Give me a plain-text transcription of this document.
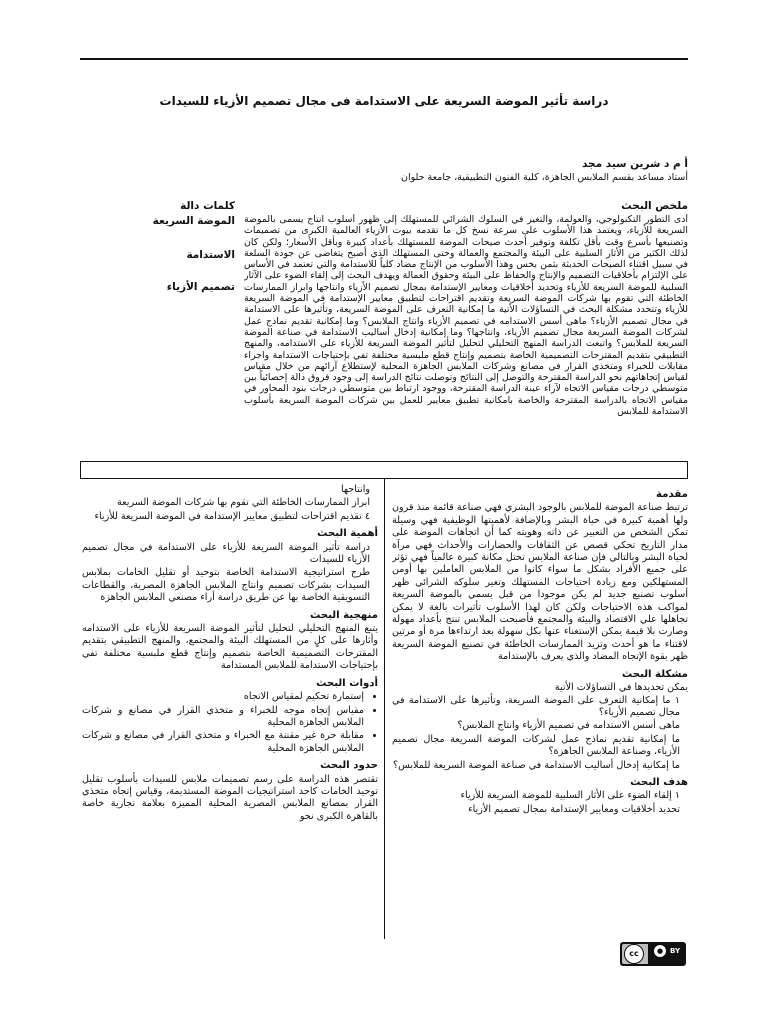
دراسة تأثير الموضة السريعة على الاستدامة فى مجال تصميم الأزياء للسيدات
أ م د شرين سيد مجد
أستاذ مساعد بقسم الملابس الجاهزة، كلية الفنون التطبيقية، جامعة حلوان
ملخص البحث
أدى التطور التكنولوجي، والعولمة، والتغير في السلوك الشرائي للمستهلك إلى ظهور أسلوب انتاج يسمى بالموضة السريعة للأزياء، ويعتمد هذا الأسلوب على سرعة نسخ كل ما تقدمه بيوت الأزياء العالمية الكبرى من تصميمات وتصنيعها بأسرع وقت بأقل تكلفة وتوفير أحدث صيحات الموضة للمستهلك بأعداد كبيرة وبأقل الأسعار؛ ولكن كان لذلك الكثير من الأثار السلبية على البيئة والمجتمع والعمالة وحتى المستهلك الذي أصبح يتغاضى عن جودة السلعة في سبيل اقتناء الصيحات الحديثة بثمن بخس وهذا الأسلوب من الإنتاج مضاد كلياً للاستدامة والتي تعتمد في الأساس على الإلتزام بأخلاقيات التصميم والإنتاج والحفاظ على البيئة وحقوق العمالة ويهدف البحث إلى إلقاء الضوء على الآثار السلبية للموضة السريعة للأزياء وتحديد أخلاقيات ومعايير الإستدامة بمجال تصميم الأزياء وانتاجها وابراز الممارسات الخاطئة التي تقوم بها شركات الموضة السريعة وتقديم اقتراحات لتطبيق معايير الإستدامة في الموضة السريعة للأزياء وتتحدد مشكلة البحث في التساؤلات الأتية ما إمكانية التعرف على الموضة السريعة، وتأثيرها على الاستدامة في مجال تصميم الأزياء؟ ماهى أسس الاستدامه في تصميم الأزياء وانتاج الملابس؟ وما إمكانية تقديم نماذج عمل لشركات الموضة السريعة مجال تصميم الأزياء، وانتاجها؟ وما إمكانية إدخال أساليب الاستدامة في صناعة الموضة السريعة للملابس؟ واتبعت الدراسة المنهج التحليلي لتحليل لتأثير الموضة السريعة للأزياء على الاستدامه، والمنهج التطبيقي بتقديم المقترحات التصميمية الخاصة بتصميم وإنتاج قطع ملبسية مختلفة تفي بإحتياجات الاستدامة واجراء مقابلات للخبراء ومتخذي القرار في مصانع وشركات الملابس الجاهزة المحلية لإستطلاع آرائهم من خلال مقياس لقياس إتجاهاتهم نحو الدراسة المقترحة والتوصل إلى النتائج وتوصلت نتائج الدراسة إلى وجود فروق دالة إحصائياً بين متوسطي درجات مقياس الاتجاه لآراء عينة الدراسة المقترحة، ووجود ارتباط بين متوسطي درجات بنود المحاور في مقياس الاتجاه بالدراسة المقترحة والخاصة بامكانية تطبيق معايير للعمل بين شركات الموضة السريعة بأسلوب الاستدامة للملابس
كلمات دالة
الموضة السريعة
الاستدامة
تصميم الأزياء
مقدمة

ترتبط صناعة الموضة للملابس بالوجود البشري فهي صناعة قائمة منذ قرون ولها أهمية كبيرة في حياة البشر وبالإضافة لأهميتها الوظيفية فهي وسيلة تمكن الشخص من التعبير عن ذاته وهويته كما أن اتجاهات الموضة على مدار التاريخ تحكي قصص عن الثقافات والحضارات والأحداث فهي مرآة لحياة البشر وبالتالي فإن صناعة الملابس تحتل مكانة كبيرة عالمياً فهي تؤثر على جميع الأفراد بشكل ما سواء كانوا من الملابس العاملين بها أومن المستهلكين ومع زيادة احتياجات المستهلك وتغير سلوكه الشرائي ظهر أسلوب تصنيع جديد لم يكن موجودا من قبل يسمي بالموضة السريعة لمواكب هذه الاحتياجات ولكن كان لهذا الأسلوب تأثيرات بالغة لا يمكن تجاهلها علي الاقتصاد والبيئة والمجتمع فأصبحت الملابس تنتج بأعداد مهولة وصارت بلا قيمة يمكن الإستغناء عنها بكل سهولة بعد ارتداءها مرة أو مرتين لاقتناء ما هو أحدث وتزيد الممارسات الخاطئة في تصنيع الموضة السريعة ظهر بقوة الإتجاه المضاد والذي يعرف بالإستدامة

مشكلة البحث

يمكن تحديدها في التساؤلات الأتية

١ ما إمكانية التعرف على الموضة السريعة، وتأثيرها على الاستدامة في مجال تصميم الأزياء؟

ماهى أسس الاستدامه في تصميم الأزياء وانتاج الملابس؟

ما إمكانية تقديم نماذج عمل لشركات الموضة السريعة مجال تصميم الأزياء، وصناعة الملابس الجاهزة؟

ما إمكانية إدخال أساليب الاستدامة في صناعة الموضة السريعة للملابس؟

هدف البحث

١ إلقاء الضوء على الأثار السلبية للموضة السريعة للأزياء

تحديد أخلاقيات ومعايير الإستدامة بمجال تصميم الأزياء

وانتاجها

ابراز الممارسات الخاطئة التي تقوم بها شركات الموضة السريعة

٤ تقديم اقتراحات لتطبيق معايير الإستدامة في الموضة السريعة للأزياء

أهمية البحث

دراسة تأثير الموضة السريعة للأزياء على الاستدامة في مجال تصميم الأزياء للسيدات

طرح استراتيجية الاستدامة الخاصة بتوحيد أو تقليل الخامات بملابس السيدات بشركات تصميم وانتاج الملابس الجاهزة المصرية، والقطاعات التسويقية الخاصة بها عن طريق دراسة أراء مصنعي الملابس الجاهزة

منهجية البحث

يتبع المنهج التحليلي لتحليل لتأثير الموضة السريعة للأزياء على الاستدامه وأثارها على كلٍ من المستهلك البيئة والمجتمع، والمنهج التطبيقي بتقديم المقترحات التصميمية الخاصة بتصميم وإنتاج قطع ملبسية مختلفة تفي بإحتياجات الاستدامة للملابس المستدامة

أدوات البحث
• إستمارة تحكيم لمقياس الاتجاه
• مقياس إتجاه موجه للخبراء و متخذي القرار في مصانع و شركات الملابس الجاهزة المحلية
• مقابلة حرة غير مقننة مع الخبراء و متخذي القرار في مصانع و شركات الملابس الجاهزة المحلية
حدود البحث

تقتصر هذه الدراسة على رسم تصميمات ملابس للسيدات بأسلوب تقليل توحيد الخامات كاحد استراتيجيات الموضة المستديمة، وقياس إتجاه متخذي القرار بمصانع الملابس المصرية المحلية المميزة بعلامة تجارية خاصة بالقاهرة الكبرى نحو

cc	● BY
